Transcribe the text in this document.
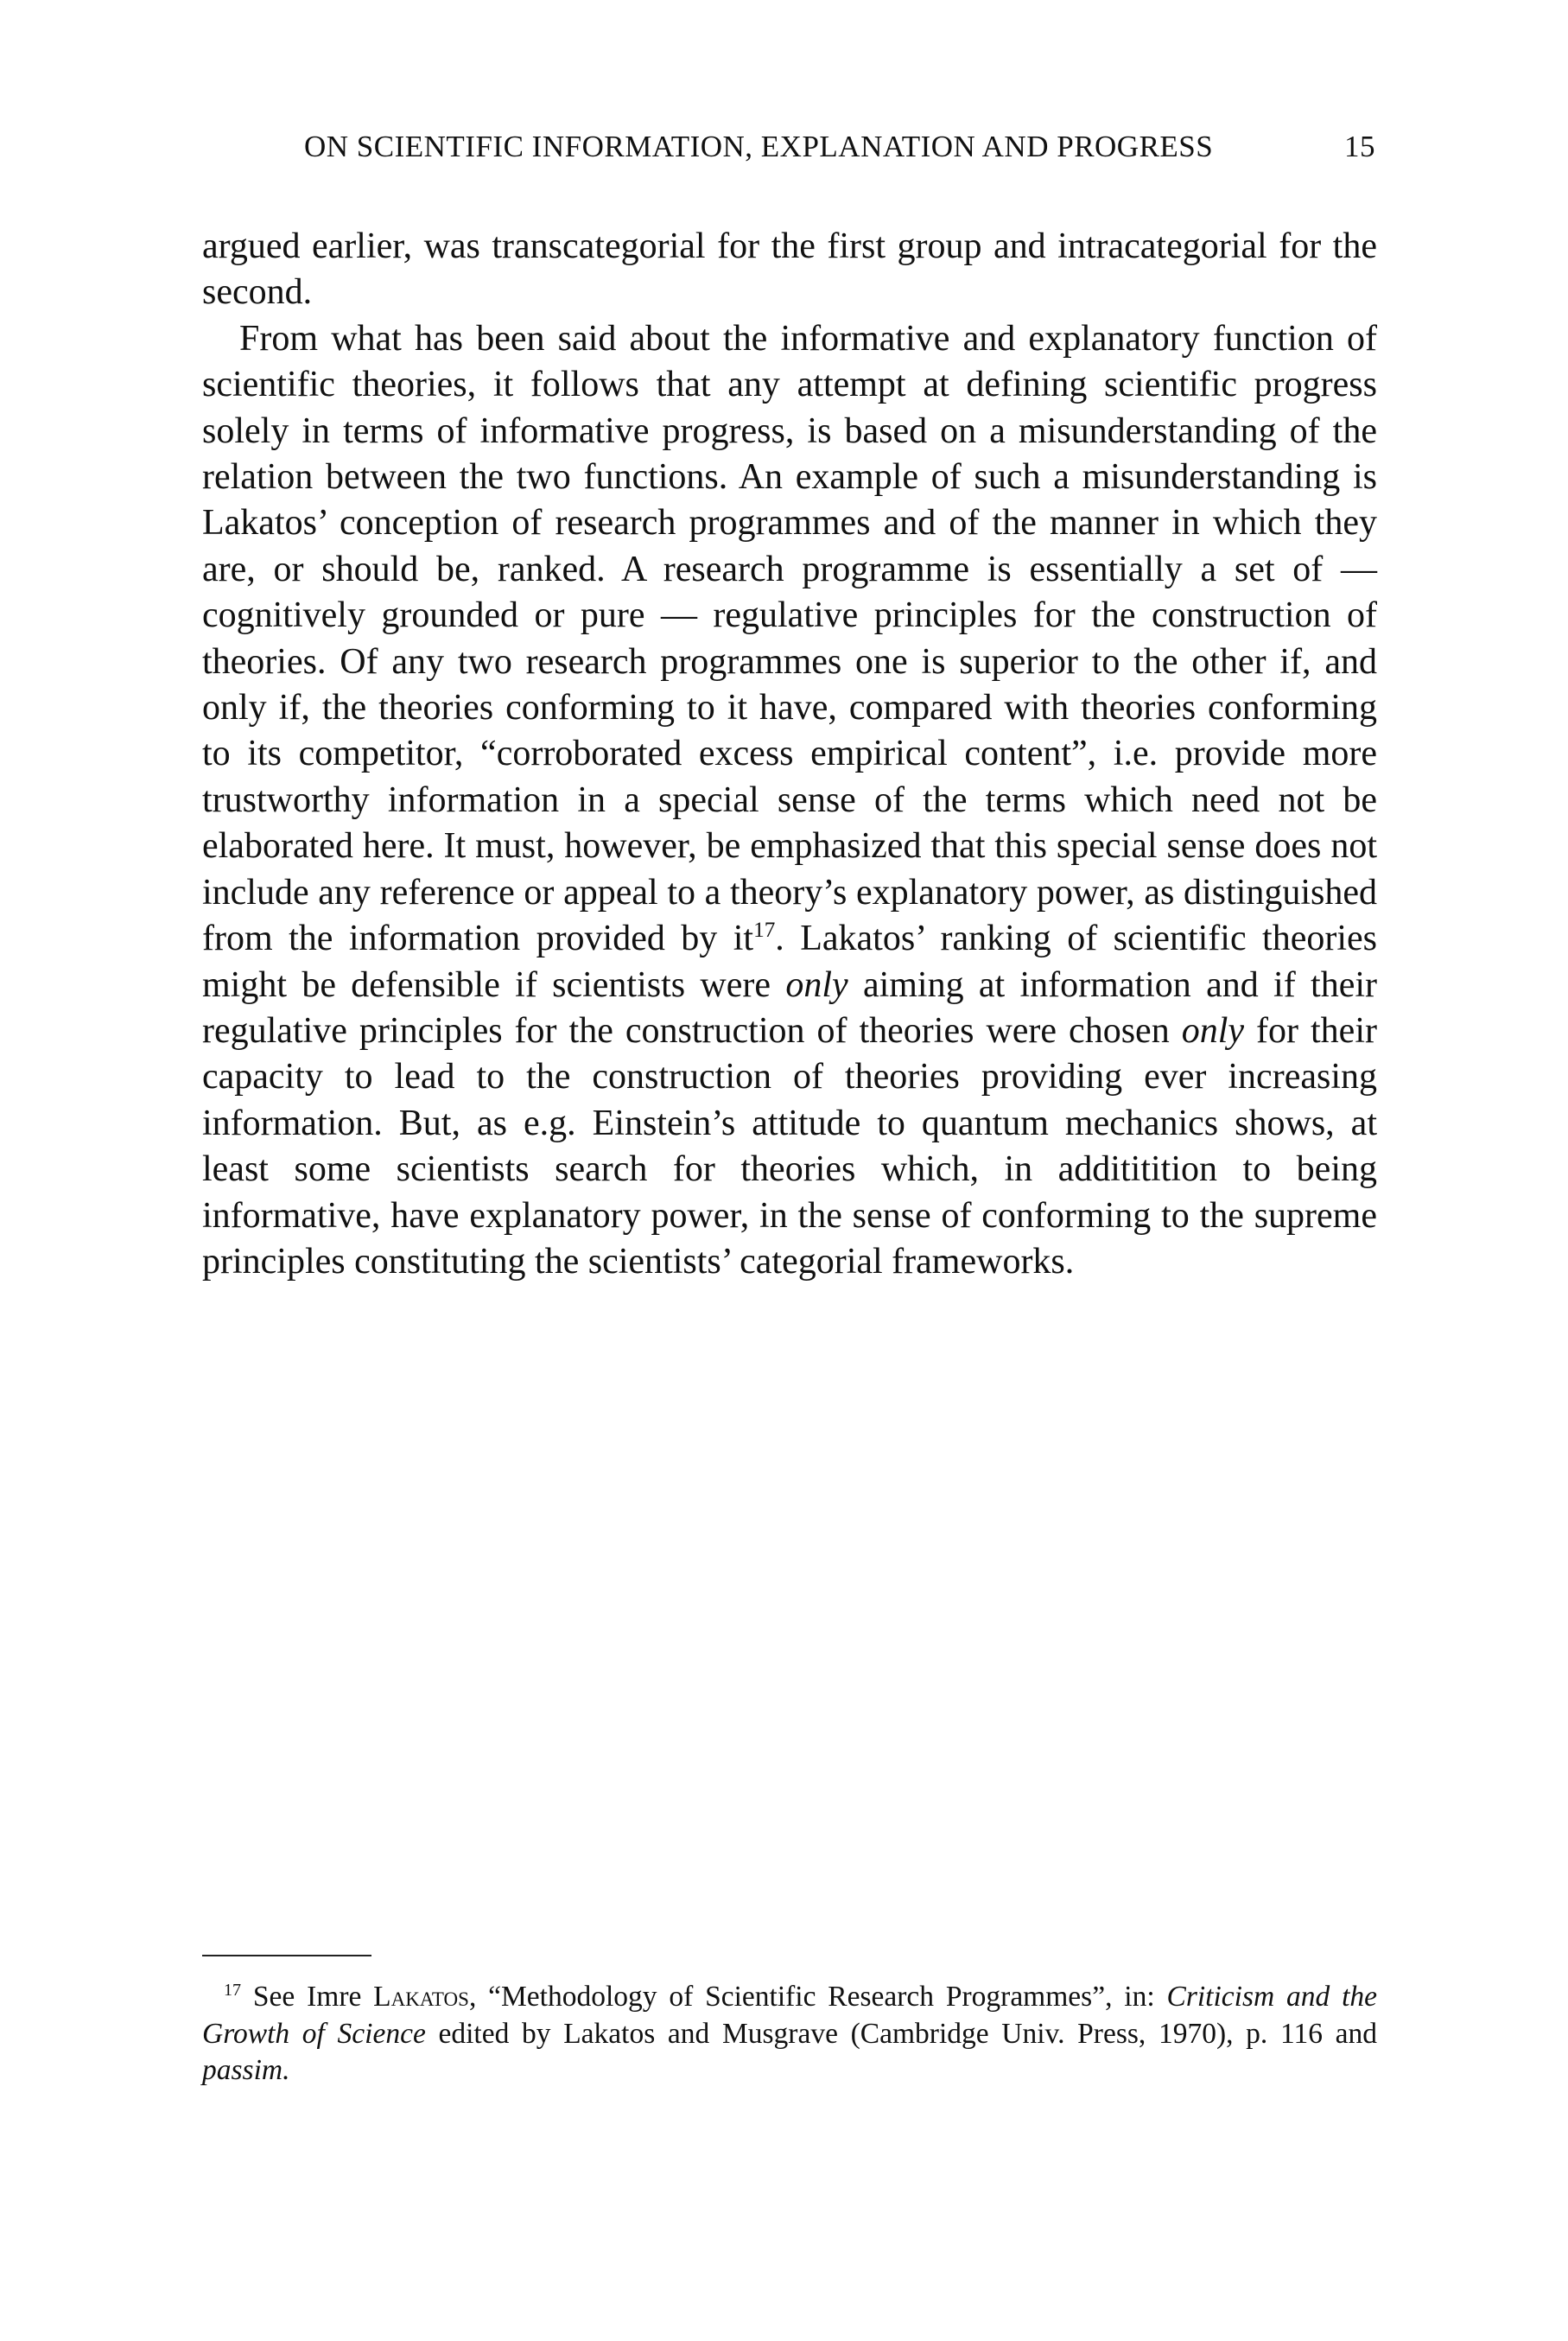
ON SCIENTIFIC INFORMATION, EXPLANATION AND PROGRESS	15

argued earlier, was transcategorial for the first group and intracategorial for the second.

From what has been said about the informative and explanatory function of scientific theories, it follows that any attempt at defining scientific progress solely in terms of informative progress, is based on a misunderstanding of the relation between the two functions. An example of such a misunderstanding is Lakatos’ conception of research programmes and of the manner in which they are, or should be, ranked. A research programme is essentially a set of — cognitively grounded or pure — regulative principles for the construction of theories. Of any two research programmes one is superior to the other if, and only if, the theories conforming to it have, compared with theories conforming to its competitor, “corroborated excess empirical content”, i.e. provide more trustworthy information in a special sense of the terms which need not be elaborated here. It must, however, be emphasized that this special sense does not include any reference or appeal to a theory’s explanatory power, as distinguished from the information provided by $it^{17}$. Lakatos’ ranking of scientific theories might be defensible if scientists were only aiming at information and if their regulative principles for the construction of theories were chosen only for their capacity to lead to the construction of theories providing ever increasing information. But, as e.g. Einstein’s attitude to quantum mechanics shows, at least some scientists search for theories which, in addititition to being informative, have explanatory power, in the sense of conforming to the supreme principles constituting the scientists’ categorial frameworks.

$^{17}$ See Imre Lakatos, “Methodology of Scientific Research Programmes”, in: Criticism and the Growth of Science edited by Lakatos and Musgrave (Cambridge Univ. Press, 1970), p. 116 and passim.
